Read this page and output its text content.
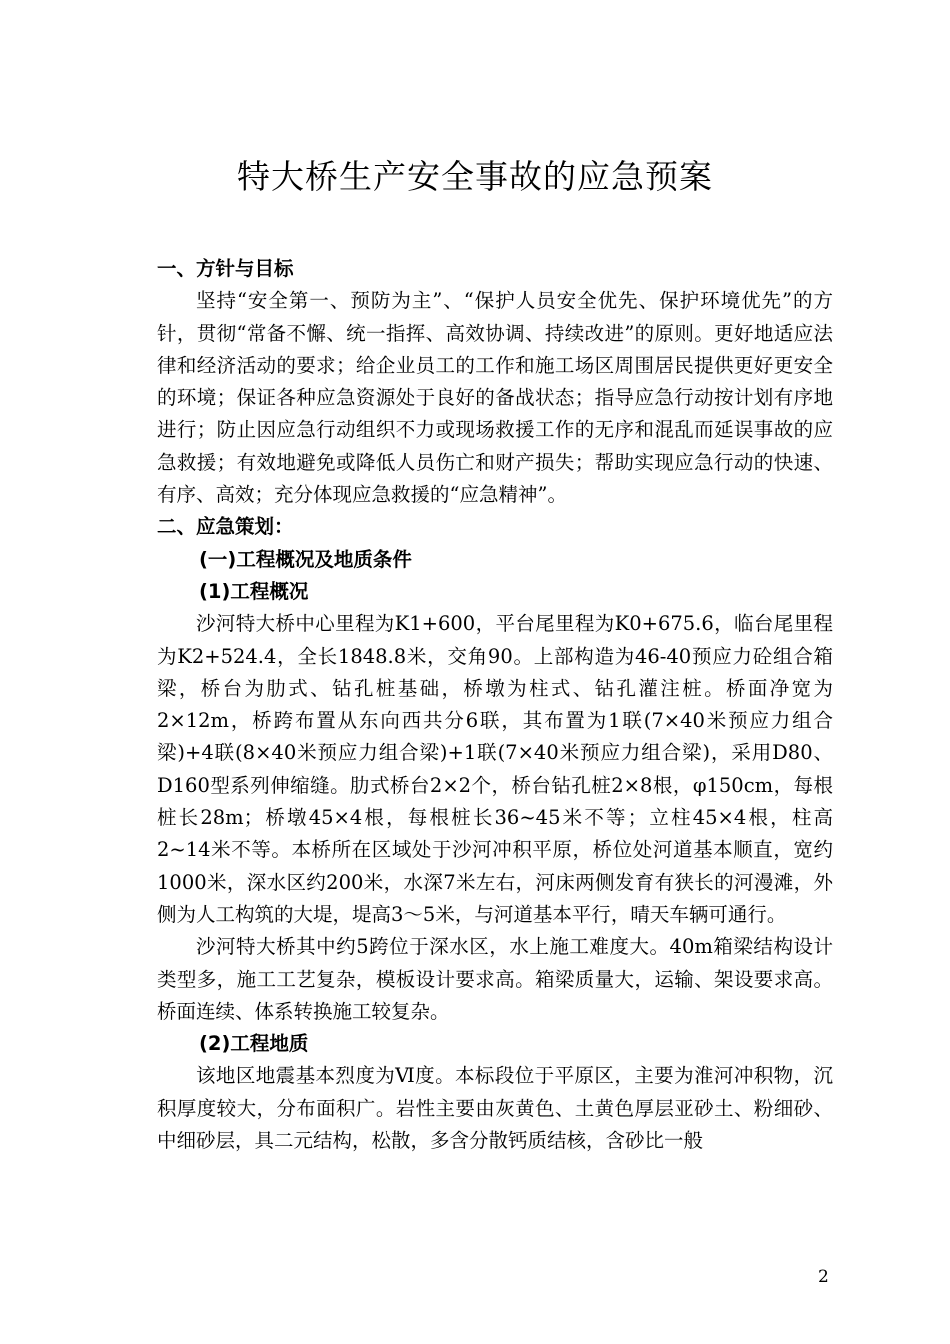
特大桥生产安全事故的应急预案

一、方针与目标

坚持“安全第一、预防为主”、“保护人员安全优先、保护环境优先”的方针，贯彻“常备不懈、统一指挥、高效协调、持续改进”的原则。更好地适应法律和经济活动的要求；给企业员工的工作和施工场区周围居民提供更好更安全的环境；保证各种应急资源处于良好的备战状态；指导应急行动按计划有序地进行；防止因应急行动组织不力或现场救援工作的无序和混乱而延误事故的应急救援；有效地避免或降低人员伤亡和财产损失；帮助实现应急行动的快速、有序、高效；充分体现应急救援的“应急精神”。

二、应急策划：

(一)工程概况及地质条件

(1)工程概况

沙河特大桥中心里程为K1+600，平台尾里程为K0+675.6，临台尾里程为K2+524.4，全长1848.8米，交角90。上部构造为46-40预应力砼组合箱梁，桥台为肋式、钻孔桩基础，桥墩为柱式、钻孔灌注桩。桥面净宽为2×12m，桥跨布置从东向西共分6联，其布置为1联(7×40米预应力组合梁)+4联(8×40米预应力组合梁)+1联(7×40米预应力组合梁)，采用D80、D160型系列伸缩缝。肋式桥台2×2个，桥台钻孔桩2×8根，φ150cm，每根桩长28m；桥墩45×4根，每根桩长36~45米不等；立柱45×4根，柱高2~14米不等。本桥所在区域处于沙河冲积平原，桥位处河道基本顺直，宽约1000米，深水区约200米，水深7米左右，河床两侧发育有狭长的河漫滩，外侧为人工构筑的大堤，堤高3～5米，与河道基本平行，晴天车辆可通行。

沙河特大桥其中约5跨位于深水区，水上施工难度大。40m箱梁结构设计类型多，施工工艺复杂，模板设计要求高。箱梁质量大，运输、架设要求高。桥面连续、体系转换施工较复杂。

(2)工程地质

该地区地震基本烈度为Ⅵ度。本标段位于平原区，主要为淮河冲积物，沉积厚度较大，分布面积广。岩性主要由灰黄色、土黄色厚层亚砂土、粉细砂、中细砂层，具二元结构，松散，多含分散钙质结核，含砂比一般

2
